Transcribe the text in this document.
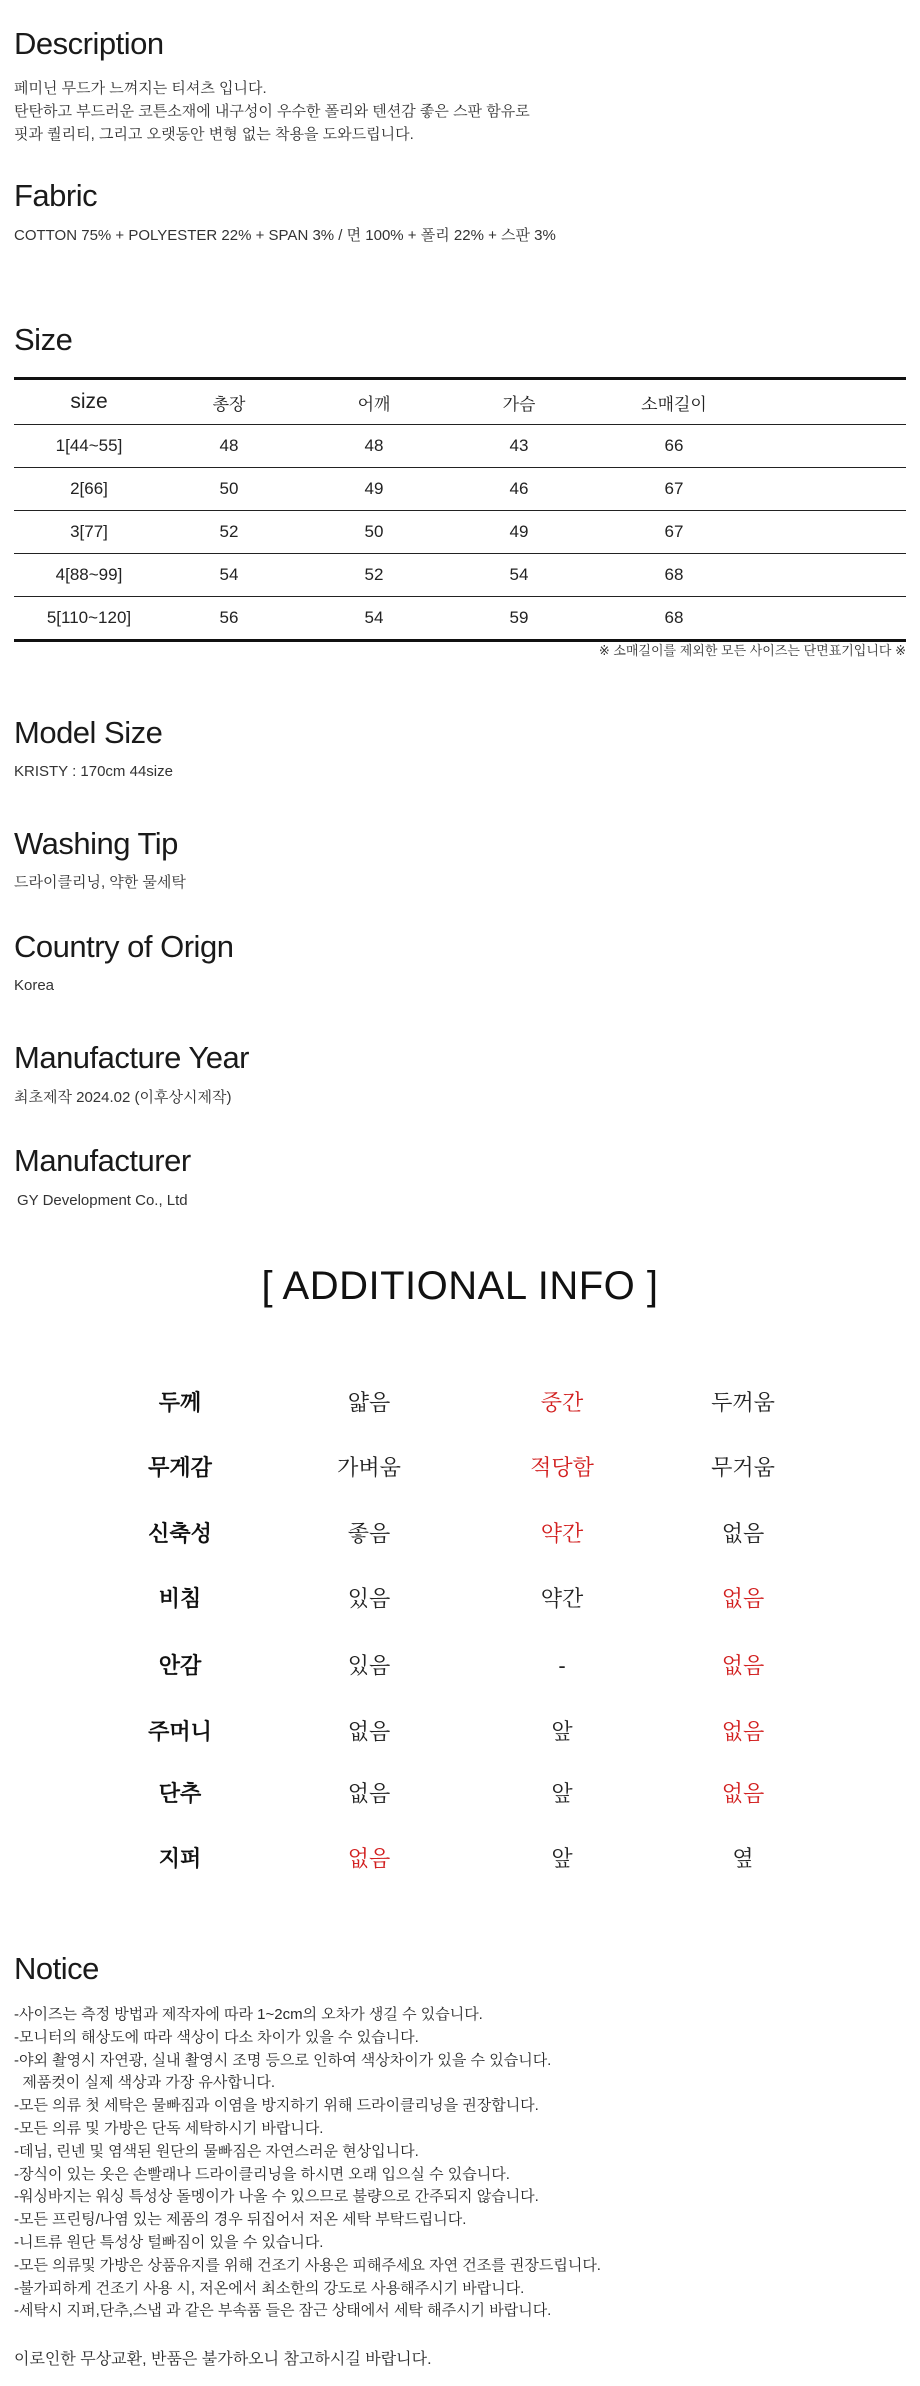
Description
페미닌 무드가 느껴지는 티셔츠 입니다.
탄탄하고 부드러운 코튼소재에 내구성이 우수한 폴리와 텐션감 좋은 스판 함유로
핏과 퀄리티, 그리고 오랫동안 변형 없는 착용을 도와드립니다.
Fabric
COTTON 75% + POLYESTER 22% + SPAN 3% / 면 100% + 폴리 22% + 스판 3%
Size
size	총장	어깨	가슴	소매길이	
1[44~55]	48	48	43	66	
2[66]	50	49	46	67	
3[77]	52	50	49	67	
4[88~99]	54	52	54	68	
5[110~120]	56	54	59	68	
※ 소매길이를 제외한 모든 사이즈는 단면표기입니다 ※
Model Size
KRISTY : 170cm 44size
Washing Tip
드라이클리닝, 약한 물세탁
Country of Orign
Korea
Manufacture Year
최초제작 2024.02 (이후상시제작)
Manufacturer
GY Development Co., Ltd
[ ADDITIONAL INFO ]
두께	얇음	중간	두꺼움
무게감	가벼움	적당함	무거움
신축성	좋음	약간	없음
비침	있음	약간	없음
안감	있음	-	없음
주머니	없음	앞	없음
단추	없음	앞	없음
지퍼	없음	앞	옆
Notice
-사이즈는 측정 방법과 제작자에 따라 1~2cm의 오차가 생길 수 있습니다.
-모니터의 해상도에 따라 색상이 다소 차이가 있을 수 있습니다.
-야외 촬영시 자연광, 실내 촬영시 조명 등으로 인하여 색상차이가 있을 수 있습니다.
제품컷이 실제 색상과 가장 유사합니다.
-모든 의류 첫 세탁은 물빠짐과 이염을 방지하기 위해 드라이클리닝을 권장합니다.
-모든 의류 및 가방은 단독 세탁하시기 바랍니다.
-데님, 린넨 및 염색된 원단의 물빠짐은 자연스러운 현상입니다.
-장식이 있는 옷은 손빨래나 드라이클리닝을 하시면 오래 입으실 수 있습니다.
-워싱바지는 워싱 특성상 돌멩이가 나올 수 있으므로 불량으로 간주되지 않습니다.
-모든 프린팅/나염 있는 제품의 경우 뒤집어서 저온 세탁 부탁드립니다.
-니트류 원단 특성상 털빠짐이 있을 수 있습니다.
-모든 의류및 가방은 상품유지를 위해 건조기 사용은 피해주세요 자연 건조를 권장드립니다.
-불가피하게 건조기 사용 시, 저온에서 최소한의 강도로 사용해주시기 바랍니다.
-세탁시 지퍼,단추,스냅 과 같은 부속품 들은 잠근 상태에서 세탁 해주시기 바랍니다.
이로인한 무상교환, 반품은 불가하오니 참고하시길 바랍니다.
